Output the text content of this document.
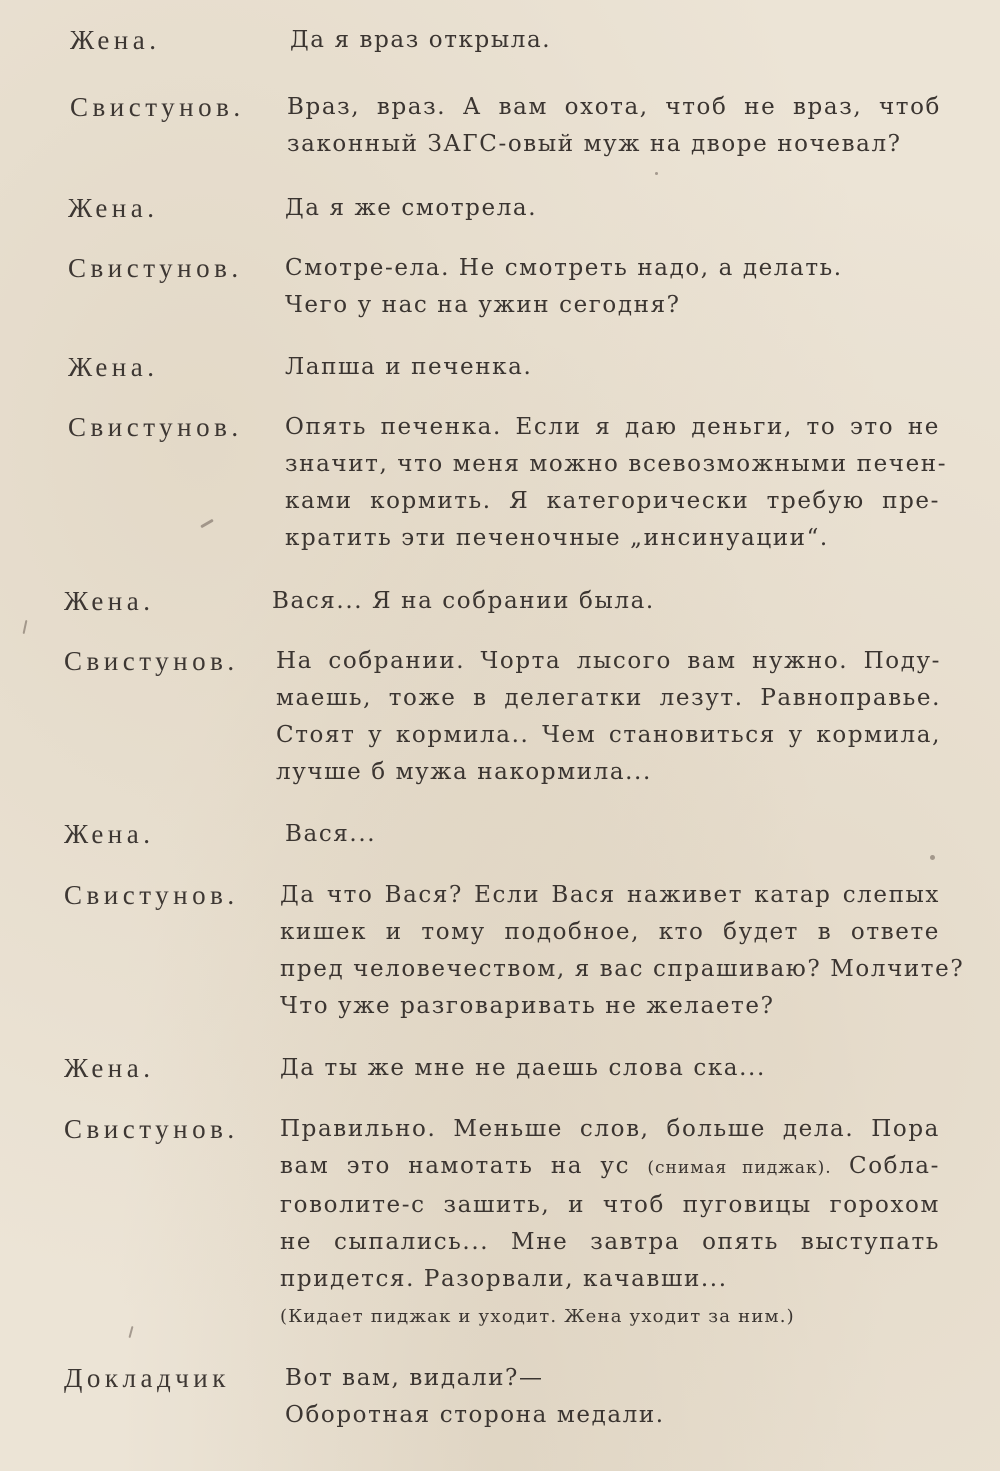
Жена.	Да я враз открыла.
Свистунов. Враз, враз. А вам охота, чтоб не враз, чтоб
законный ЗАГС-овый муж на дворе ночевал?
Жена.	Да я же смотрела.
Свистунов. Смотре-ела. Не смотреть надо, а делать.
Чего у нас на ужин сегодня?
Жена.	Лапша и печенка.
Свистунов. Опять печенка. Если я даю деньги, то это не
значит, что меня можно всевозможными печен-
ками кормить. Я категорически требую пре-
кратить эти печеночные „инсинуации“.
Жена.	Вася... Я на собрании была.
Свистунов. На собрании. Чорта лысого вам нужно. Поду-
маешь, тоже в делегатки лезут. Равноправье.
Стоят у кормила.. Чем становиться у кормила,
лучше б мужа накормила...
Жена.	Вася...
Свистунов. Да что Вася? Если Вася наживет катар слепых
кишек и тому подобное, кто будет в ответе
пред человечеством, я вас спрашиваю? Молчите?
Что уже разговаривать не желаете?
Жена.	Да ты же мне не даешь слова ска...
Свистунов. Правильно. Меньше слов, больше дела. Пора
вам это намотать на ус (снимая пиджак). Собла-
говолите-с зашить, и чтоб пуговицы горохом
не сыпались... Мне завтра опять выступать
придется. Разорвали, качавши...
(Кидает пиджак и уходит. Жена уходит за ним.)
Докладчик Вот вам, видали?—
Оборотная сторона медали.
